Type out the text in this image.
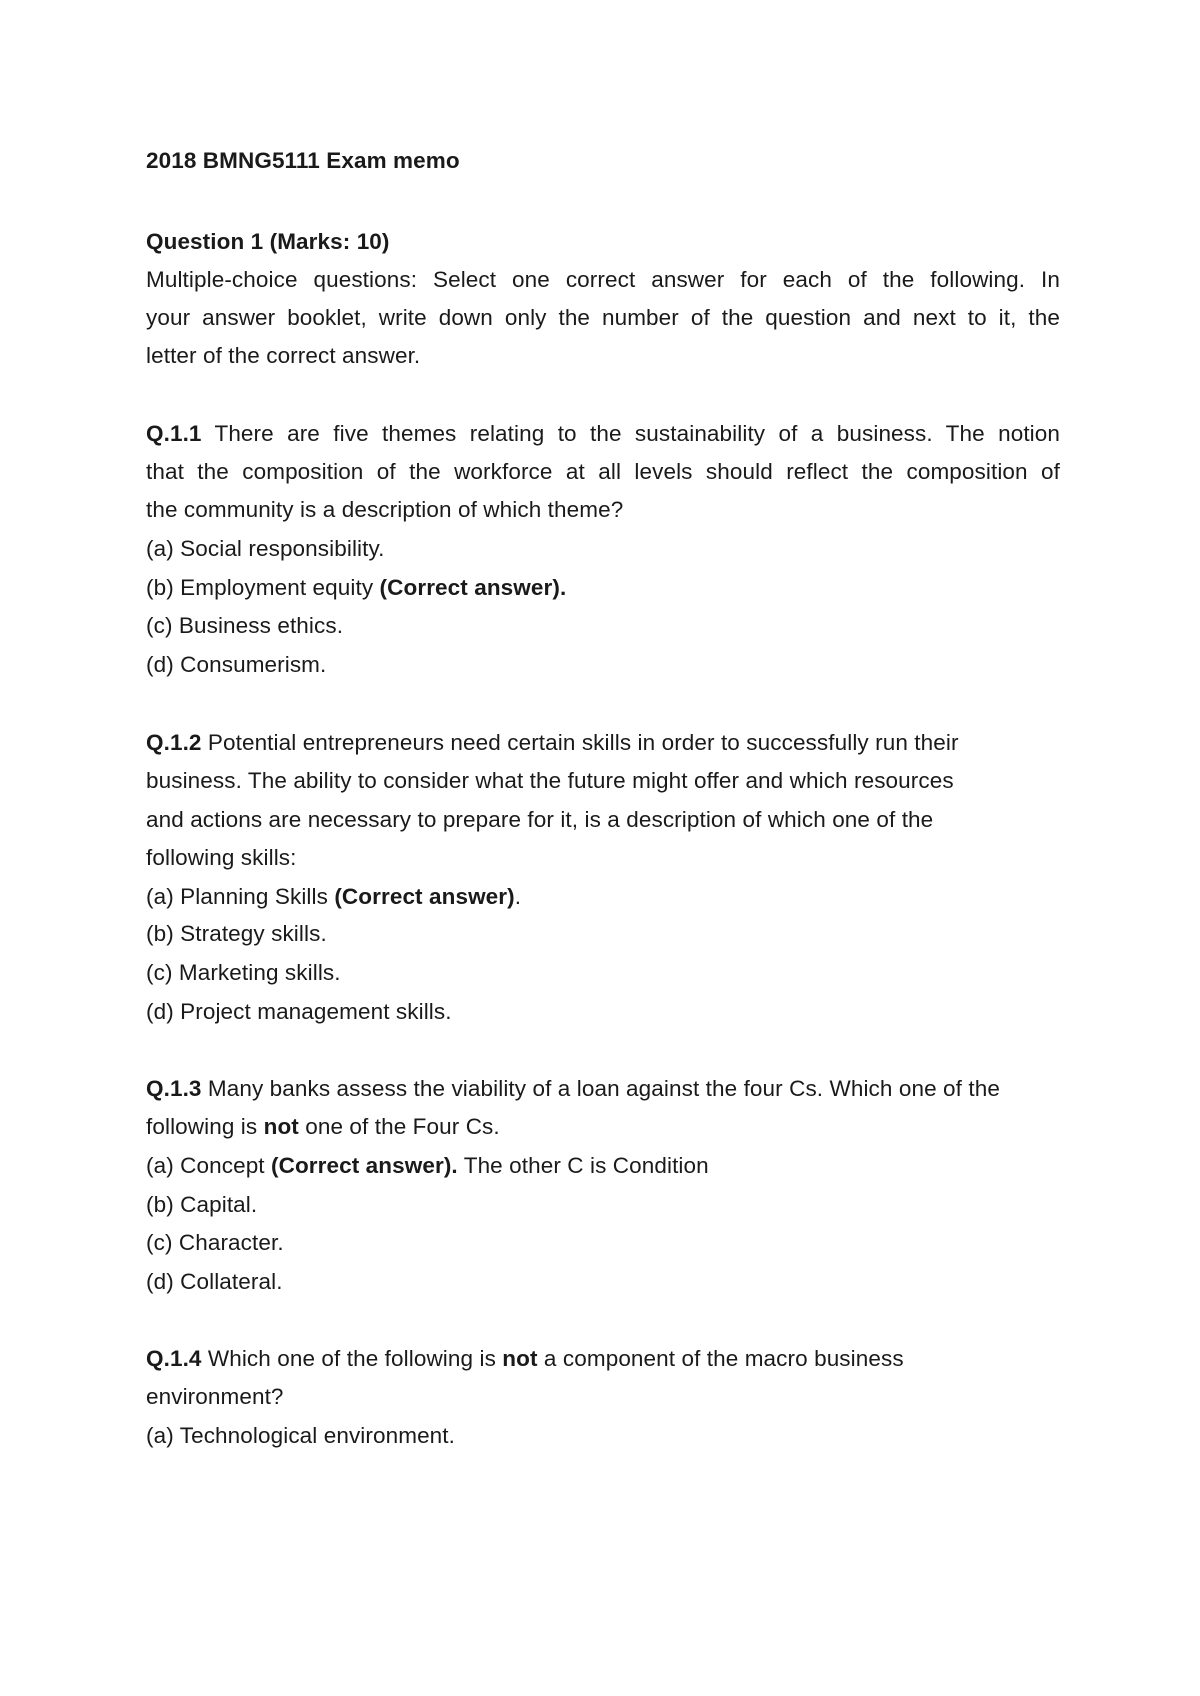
2018 BMNG5111 Exam memo
Question 1 (Marks: 10)
Multiple-choice questions: Select one correct answer for each of the following. In
your answer booklet, write down only the number of the question and next to it, the
letter of the correct answer.
Q.1.1 There are five themes relating to the sustainability of a business. The notion
that the composition of the workforce at all levels should reflect the composition of
the community is a description of which theme?
(a) Social responsibility.
(b) Employment equity (Correct answer).
(c) Business ethics.
(d) Consumerism.
Q.1.2 Potential entrepreneurs need certain skills in order to successfully run their
business. The ability to consider what the future might offer and which resources
and actions are necessary to prepare for it, is a description of which one of the
following skills:
(a) Planning Skills (Correct answer).
(b) Strategy skills.
(c) Marketing skills.
(d) Project management skills.
Q.1.3 Many banks assess the viability of a loan against the four Cs. Which one of the
following is not one of the Four Cs.
(a) Concept (Correct answer). The other C is Condition
(b) Capital.
(c) Character.
(d) Collateral.
Q.1.4 Which one of the following is not a component of the macro business
environment?
(a) Technological environment.
